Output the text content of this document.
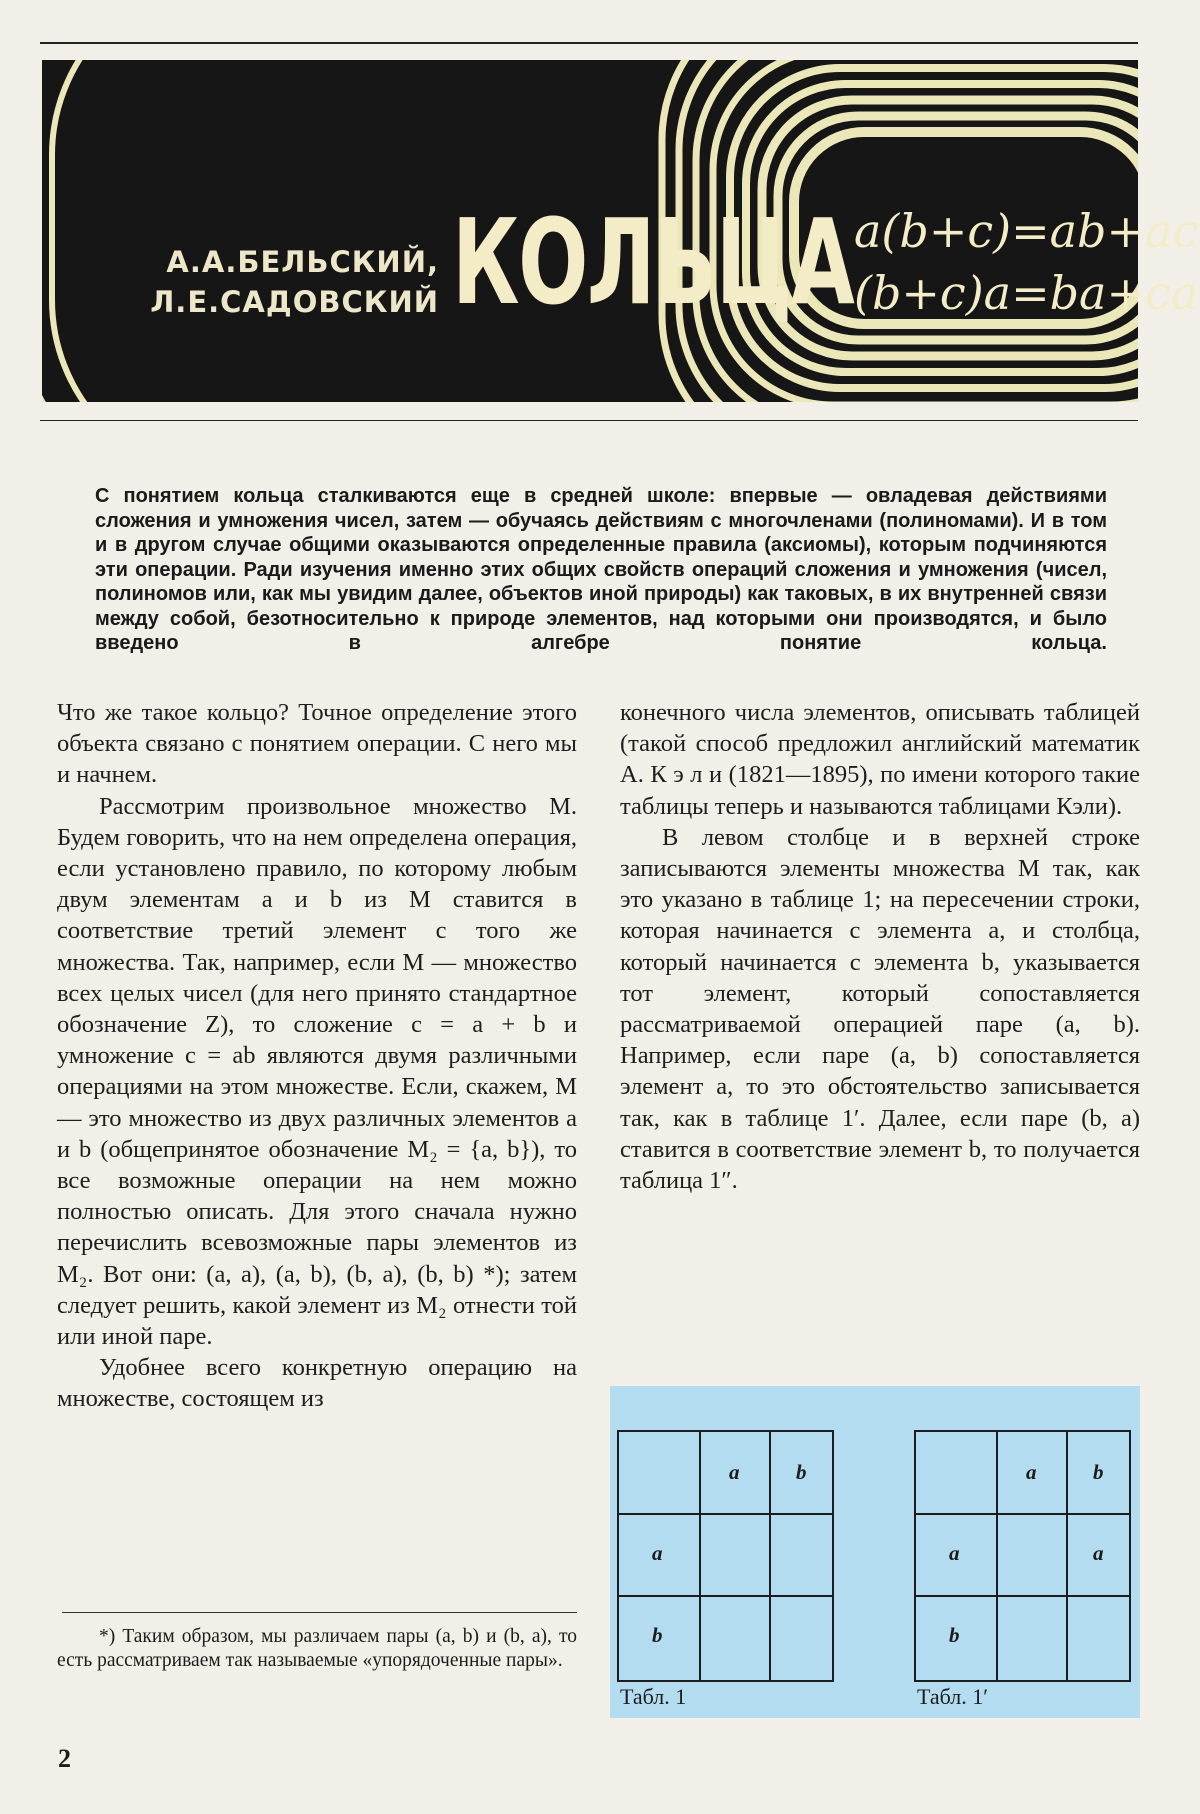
А.А.БЕЛЬСКИЙ,
Л.Е.САДОВСКИЙ КОЛЬЦА a(b+c)=ab+ac
(b+c)a=ba+ca
С понятием кольца сталкиваются еще в средней школе: впервые — овладевая действиями сложения и умножения чисел, затем — обучаясь действиям с многочленами (полиномами). И в том и в другом случае общими оказываются определенные правила (аксиомы), которым подчиняются эти операции. Ради изучения именно этих общих свойств операций сложения и умножения (чисел, полиномов или, как мы увидим далее, объектов иной природы) как таковых, в их внутренней связи между собой, безотносительно к природе элементов, над которыми они производятся, и было введено в алгебре понятие кольца.

Что же такое кольцо? Точное определение этого объекта связано с понятием операции. С него мы и начнем.

Рассмотрим произвольное множество M. Будем говорить, что на нем определена операция, если установлено правило, по которому любым двум элементам a и b из M ставится в соответствие третий элемент c того же множества. Так, например, если M — множество всех целых чисел (для него принято стандартное обозначение Z), то сложение c = a + b и умножение c = ab являются двумя различными операциями на этом множестве. Если, скажем, M — это множество из двух различных элементов a и b (общепринятое обозначение M₂ = {a, b}), то все возможные операции на нем можно полностью описать. Для этого сначала нужно перечислить всевозможные пары элементов из M₂. Вот они: (a, a), (a, b), (b, a), (b, b) *); затем следует решить, какой элемент из M₂ отнести той или иной паре.

Удобнее всего конкретную операцию на множестве, состоящем из

конечного числа элементов, описывать таблицей (такой способ предложил английский математик А. К э л и (1821—1895), по имени которого такие таблицы теперь и называются таблицами Кэли).

В левом столбце и в верхней строке записываются элементы множества M так, как это указано в таблице 1; на пересечении строки, которая начинается с элемента a, и столбца, который начинается с элемента b, указывается тот элемент, который сопоставляется рассматриваемой операцией паре (a, b). Например, если паре (a, b) сопоставляется элемент a, то это обстоятельство записывается так, как в таблице 1′. Далее, если паре (b, a) ставится в соответствие элемент b, то получается таблица 1″.

a	b
a
b
Табл. 1
a	b
a
b
a
Табл. 1′
*) Таким образом, мы различаем пары (a, b) и (b, a), то есть рассматриваем так называемые «упорядоченные пары».
2
